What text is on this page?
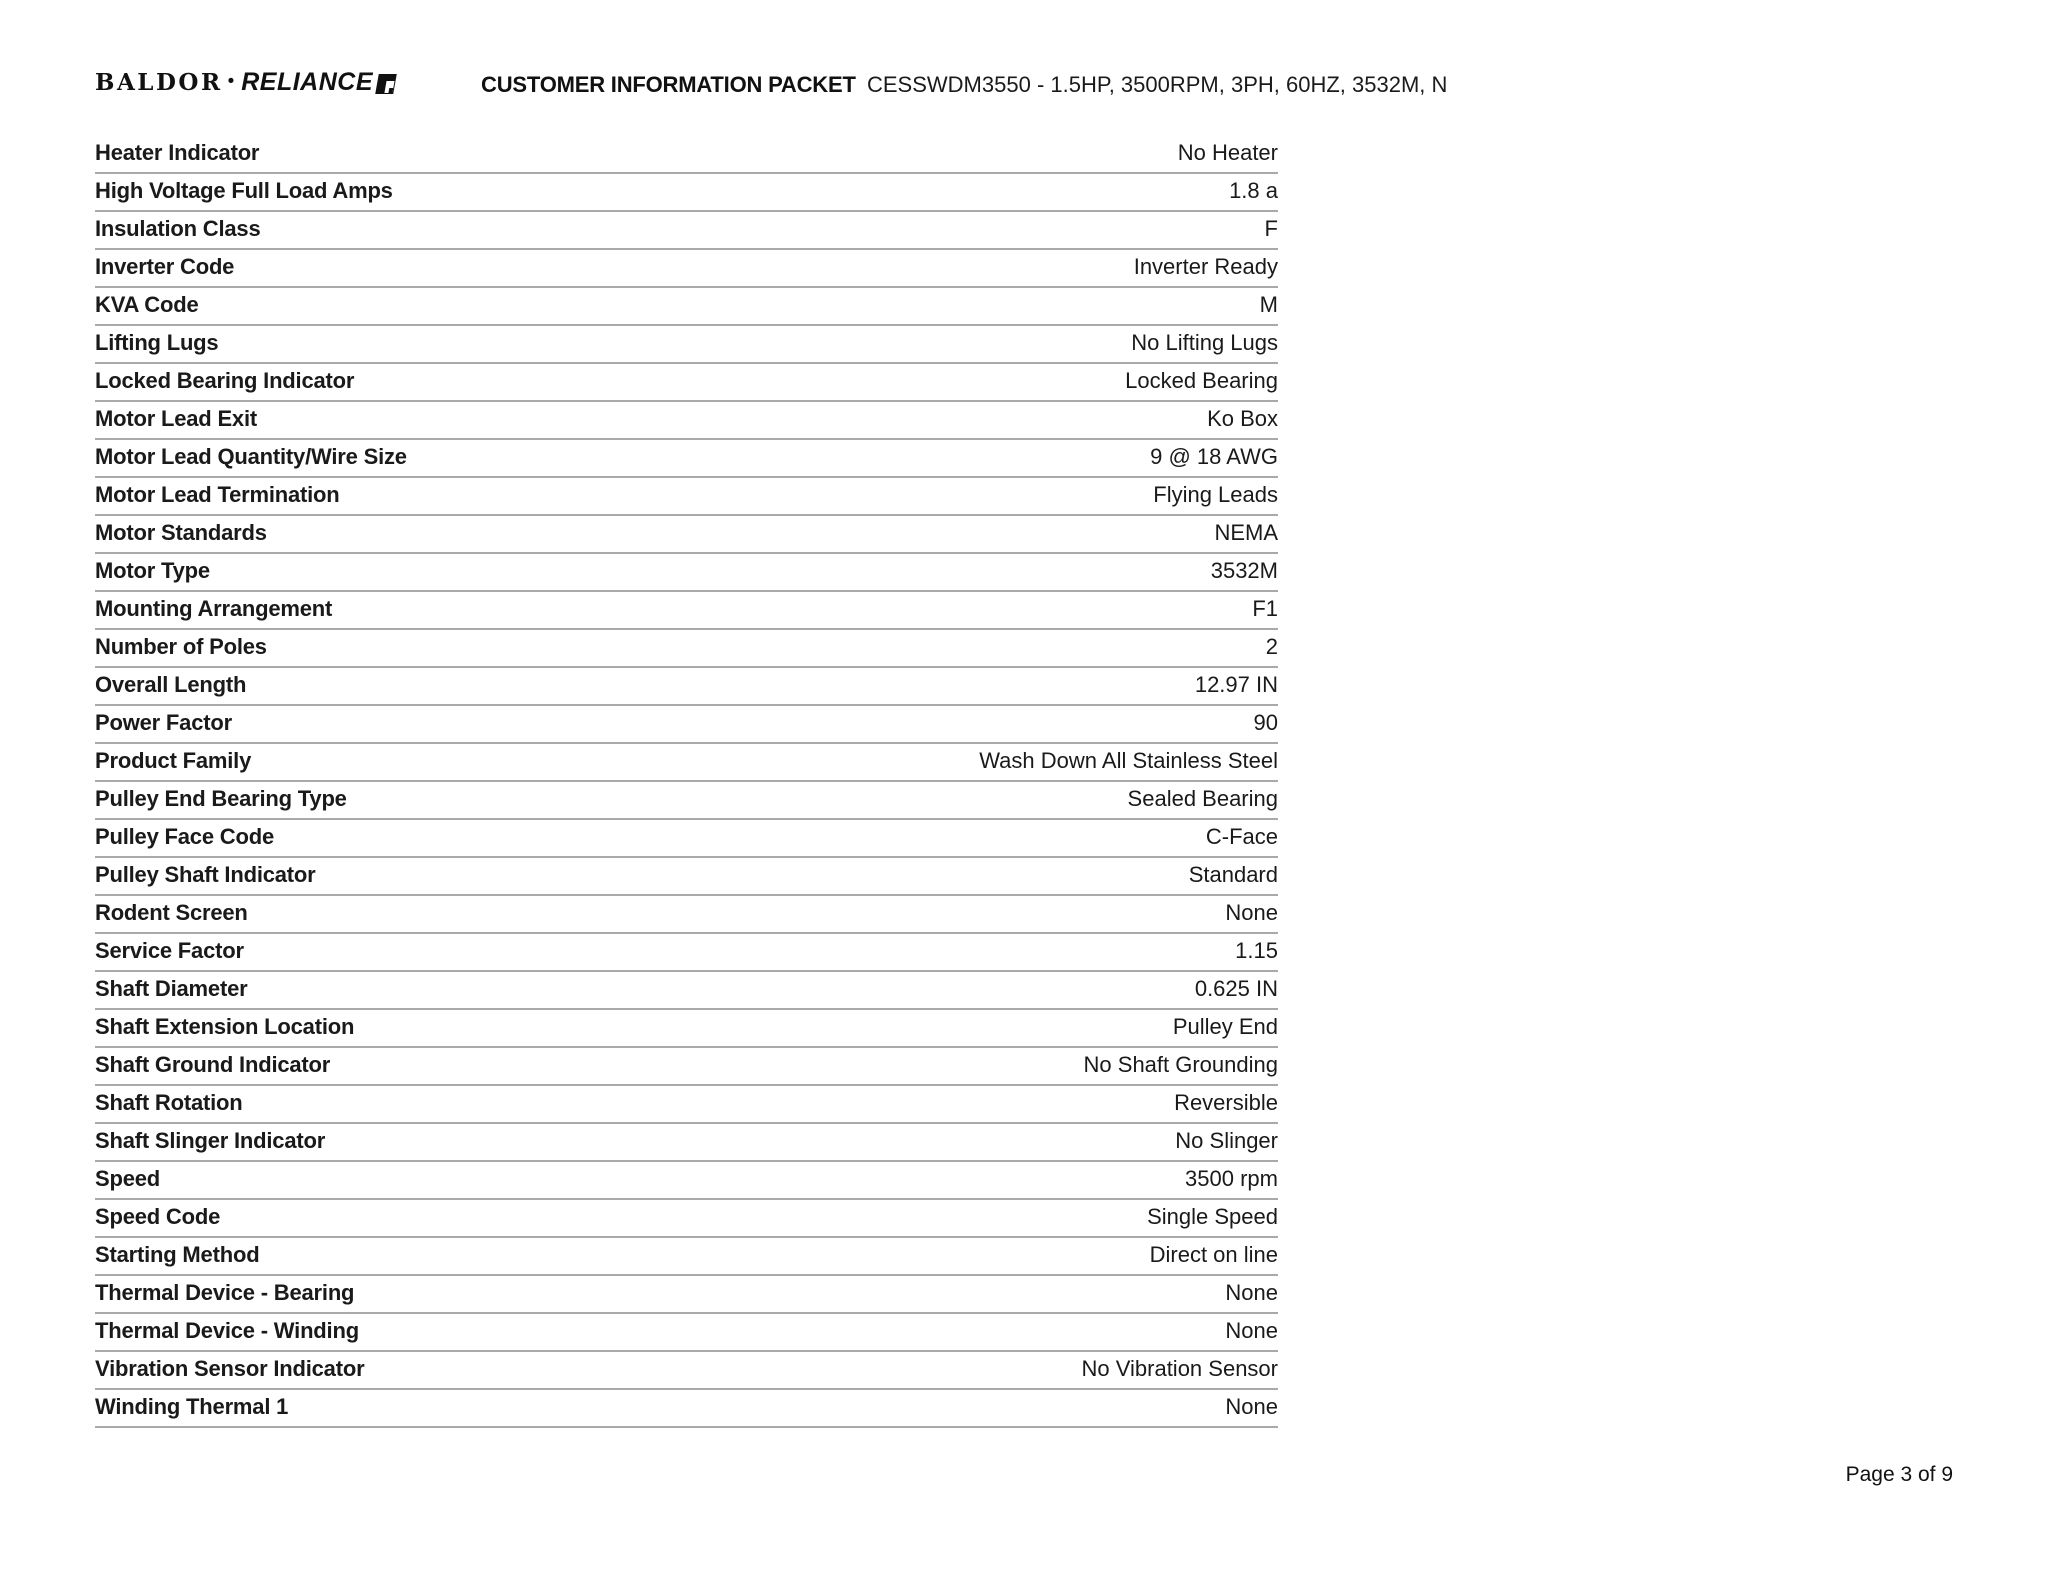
BALDOR • RELIANCE	CUSTOMER INFORMATION PACKET CESSWDM3550 - 1.5HP, 3500RPM, 3PH, 60HZ, 3532M, N
Heater Indicator	No Heater
High Voltage Full Load Amps	1.8 a
Insulation Class	F
Inverter Code	Inverter Ready
KVA Code	M
Lifting Lugs	No Lifting Lugs
Locked Bearing Indicator	Locked Bearing
Motor Lead Exit	Ko Box
Motor Lead Quantity/Wire Size	9 @ 18 AWG
Motor Lead Termination	Flying Leads
Motor Standards	NEMA
Motor Type	3532M
Mounting Arrangement	F1
Number of Poles	2
Overall Length	12.97 IN
Power Factor	90
Product Family	Wash Down All Stainless Steel
Pulley End Bearing Type	Sealed Bearing
Pulley Face Code	C-Face
Pulley Shaft Indicator	Standard
Rodent Screen	None
Service Factor	1.15
Shaft Diameter	0.625 IN
Shaft Extension Location	Pulley End
Shaft Ground Indicator	No Shaft Grounding
Shaft Rotation	Reversible
Shaft Slinger Indicator	No Slinger
Speed	3500 rpm
Speed Code	Single Speed
Starting Method	Direct on line
Thermal Device - Bearing	None
Thermal Device - Winding	None
Vibration Sensor Indicator	No Vibration Sensor
Winding Thermal 1	None
Page 3 of 9
